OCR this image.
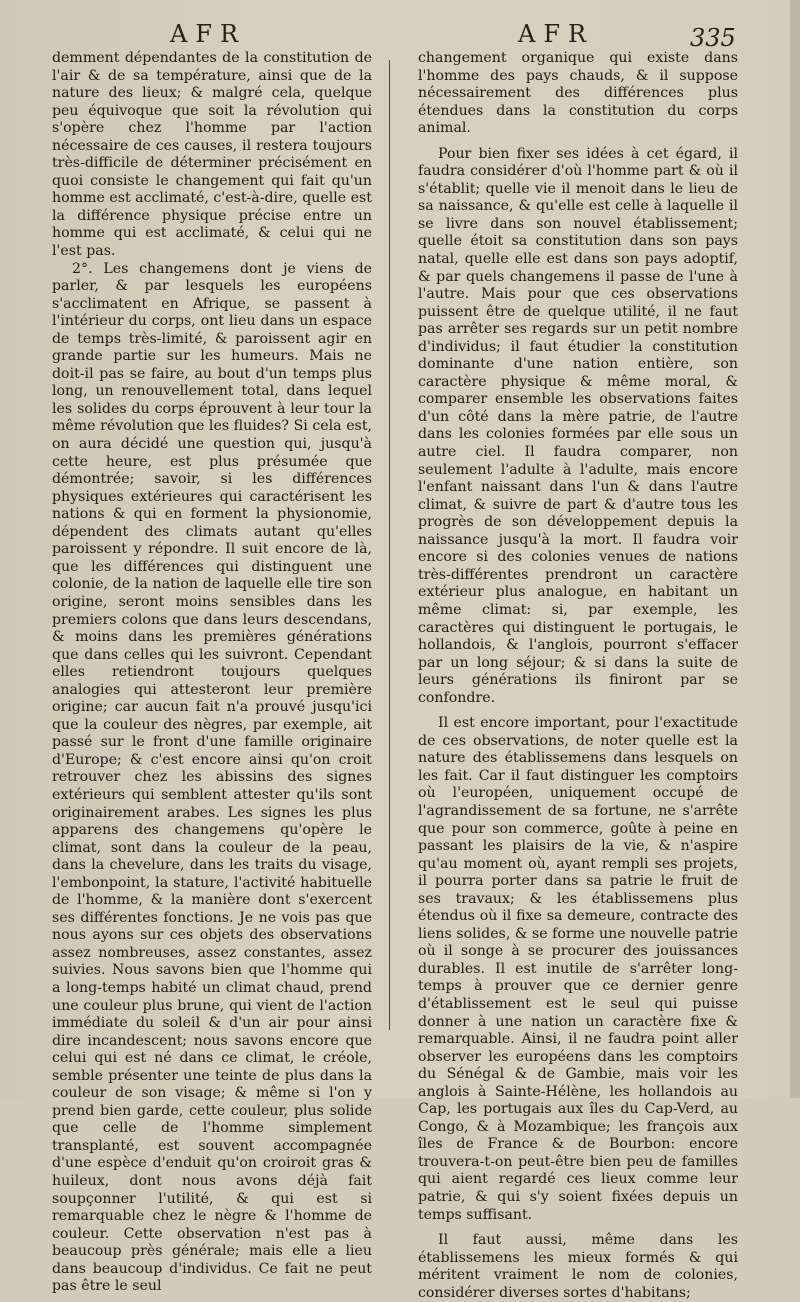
AFR	AFR	335

demment dépendantes de la constitution de l'air & de sa température, ainsi que de la nature des lieux; & malgré cela, quelque peu équivoque que soit la révolution qui s'opère chez l'homme par l'action nécessaire de ces causes, il restera toujours très-difficile de déterminer précisément en quoi consiste le changement qui fait qu'un homme est acclimaté, c'est-à-dire, quelle est la différence physique précise entre un homme qui est acclimaté, & celui qui ne l'est pas.

2°. Les changemens dont je viens de parler, & par lesquels les européens s'acclimatent en Afrique, se passent à l'intérieur du corps, ont lieu dans un espace de temps très-limité, & paroissent agir en grande partie sur les humeurs. Mais ne doit-il pas se faire, au bout d'un temps plus long, un renouvellement total, dans lequel les solides du corps éprouvent à leur tour la même révolution que les fluides? Si cela est, on aura décidé une question qui, jusqu'à cette heure, est plus présumée que démontrée; savoir, si les différences physiques extérieures qui caractérisent les nations & qui en forment la physionomie, dépendent des climats autant qu'elles paroissent y répondre. Il suit encore de là, que les différences qui distinguent une colonie, de la nation de laquelle elle tire son origine, seront moins sensibles dans les premiers colons que dans leurs descendans, & moins dans les premières générations que dans celles qui les suivront. Cependant elles retiendront toujours quelques analogies qui attesteront leur première origine; car aucun fait n'a prouvé jusqu'ici que la couleur des nègres, par exemple, ait passé sur le front d'une famille originaire d'Europe; & c'est encore ainsi qu'on croit retrouver chez les abissins des signes extérieurs qui semblent attester qu'ils sont originairement arabes. Les signes les plus apparens des changemens qu'opère le climat, sont dans la couleur de la peau, dans la chevelure, dans les traits du visage, l'embonpoint, la stature, l'activité habituelle de l'homme, & la manière dont s'exercent ses différentes fonctions. Je ne vois pas que nous ayons sur ces objets des observations assez nombreuses, assez constantes, assez suivies. Nous savons bien que l'homme qui a long-temps habité un climat chaud, prend une couleur plus brune, qui vient de l'action immédiate du soleil & d'un air pour ainsi dire incandescent; nous savons encore que celui qui est né dans ce climat, le créole, semble présenter une teinte de plus dans la couleur de son visage; & même si l'on y prend bien garde, cette couleur, plus solide que celle de l'homme simplement transplanté, est souvent accompagnée d'une espèce d'enduit qu'on croiroit gras & huileux, dont nous avons déjà fait soupçonner l'utilité, & qui est si remarquable chez le nègre & l'homme de couleur. Cette observation n'est pas à beaucoup près générale; mais elle a lieu dans beaucoup d'individus. Ce fait ne peut pas être le seul

changement organique qui existe dans l'homme des pays chauds, & il suppose nécessairement des différences plus étendues dans la constitution du corps animal.

Pour bien fixer ses idées à cet égard, il faudra considérer d'où l'homme part & où il s'établit; quelle vie il menoit dans le lieu de sa naissance, & qu'elle est celle à laquelle il se livre dans son nouvel établissement; quelle étoit sa constitution dans son pays natal, quelle elle est dans son pays adoptif, & par quels changemens il passe de l'une à l'autre. Mais pour que ces observations puissent être de quelque utilité, il ne faut pas arrêter ses regards sur un petit nombre d'individus; il faut étudier la constitution dominante d'une nation entière, son caractère physique & même moral, & comparer ensemble les observations faites d'un côté dans la mère patrie, de l'autre dans les colonies formées par elle sous un autre ciel. Il faudra comparer, non seulement l'adulte à l'adulte, mais encore l'enfant naissant dans l'un & dans l'autre climat, & suivre de part & d'autre tous les progrès de son développement depuis la naissance jusqu'à la mort. Il faudra voir encore si des colonies venues de nations très-différentes prendront un caractère extérieur plus analogue, en habitant un même climat: si, par exemple, les caractères qui distinguent le portugais, le hollandois, & l'anglois, pourront s'effacer par un long séjour; & si dans la suite de leurs générations ils finiront par se confondre.

Il est encore important, pour l'exactitude de ces observations, de noter quelle est la nature des établissemens dans lesquels on les fait. Car il faut distinguer les comptoirs où l'européen, uniquement occupé de l'agrandissement de sa fortune, ne s'arrête que pour son commerce, goûte à peine en passant les plaisirs de la vie, & n'aspire qu'au moment où, ayant rempli ses projets, il pourra porter dans sa patrie le fruit de ses travaux; & les établissemens plus étendus où il fixe sa demeure, contracte des liens solides, & se forme une nouvelle patrie où il songe à se procurer des jouissances durables. Il est inutile de s'arrêter long-temps à prouver que ce dernier genre d'établissement est le seul qui puisse donner à une nation un caractère fixe & remarquable. Ainsi, il ne faudra point aller observer les européens dans les comptoirs du Sénégal & de Gambie, mais voir les anglois à Sainte-Hélène, les hollandois au Cap, les portugais aux îles du Cap-Verd, au Congo, & à Mozambique; les françois aux îles de France & de Bourbon: encore trouvera-t-on peut-être bien peu de familles qui aient regardé ces lieux comme leur patrie, & qui s'y soient fixées depuis un temps suffisant.

Il faut aussi, même dans les établissemens les mieux formés & qui méritent vraiment le nom de colonies, considérer diverses sortes d'habitans;
